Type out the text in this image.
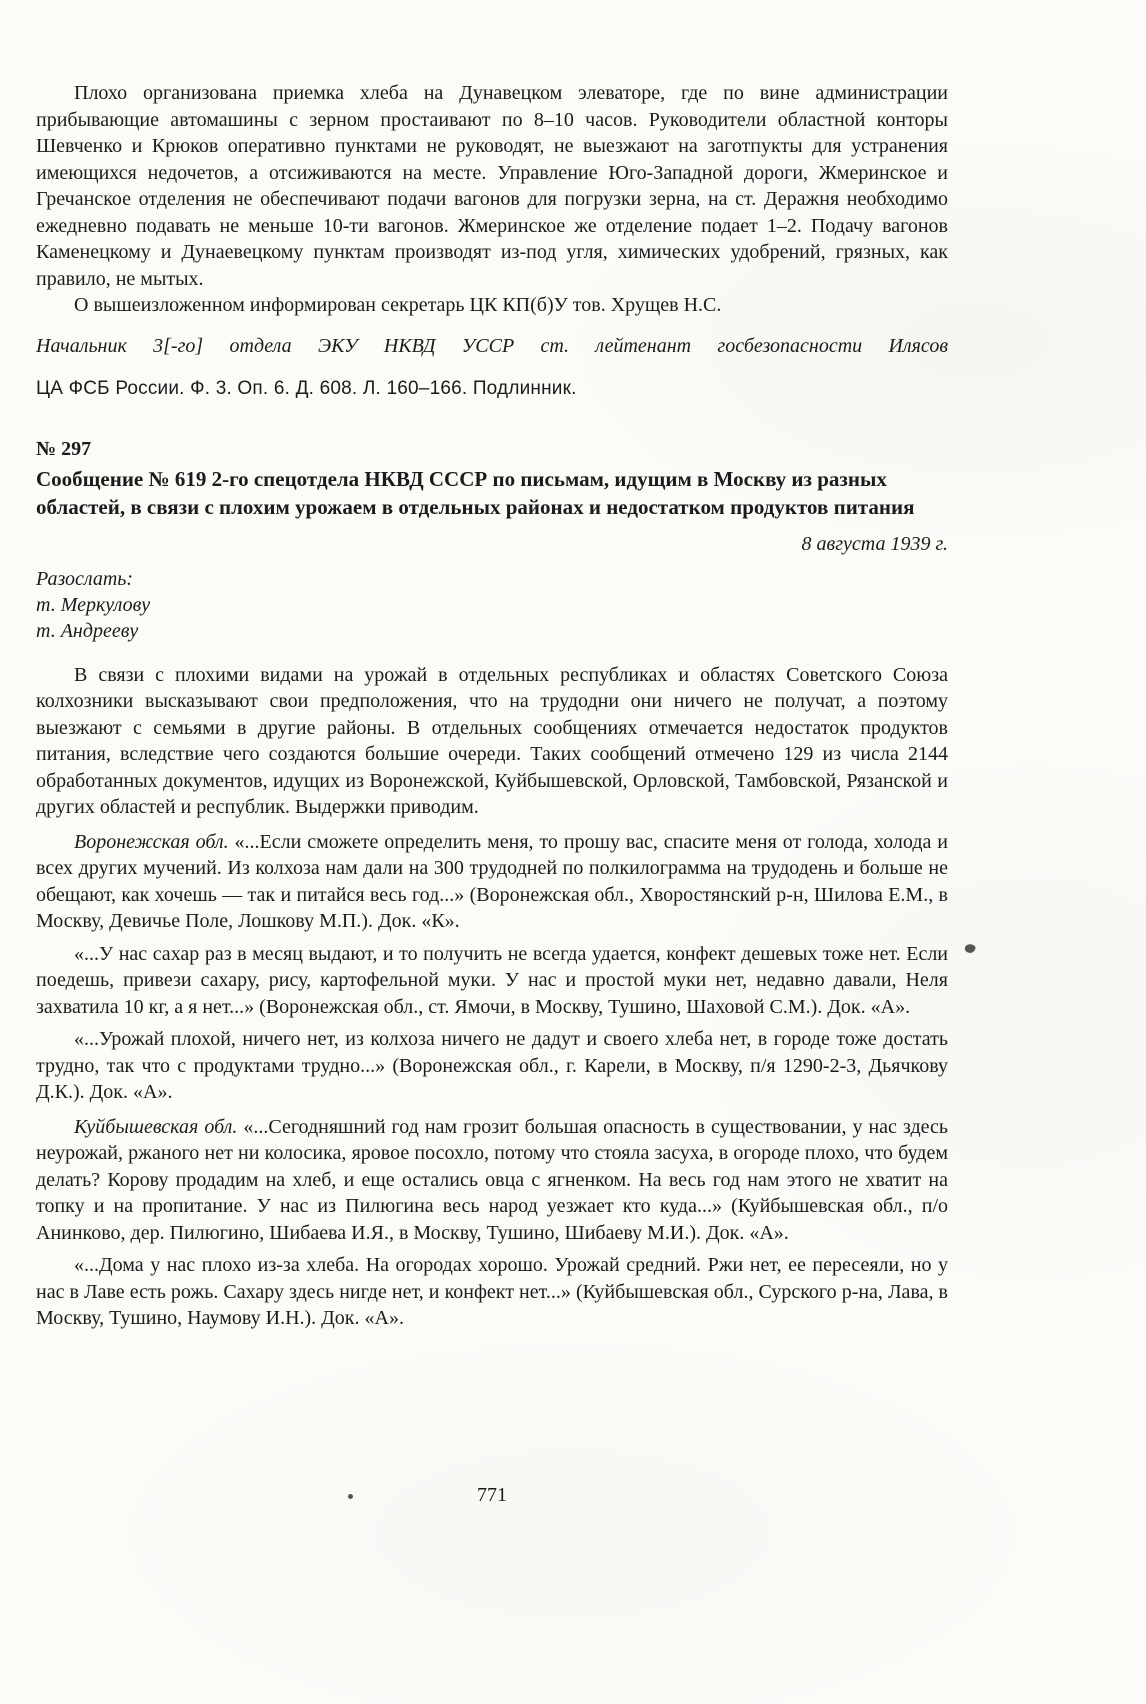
Плохо организована приемка хлеба на Дунавецком элеваторе, где по вине администрации прибывающие автомашины с зерном простаивают по 8–10 часов. Руководители областной конторы Шевченко и Крюков оперативно пунктами не руководят, не выезжают на заготпукты для устранения имеющихся недочетов, а отсиживаются на месте. Управление Юго-Западной дороги, Жмеринское и Гречанское отделения не обеспечивают подачи вагонов для погрузки зерна, на ст. Деражня необходимо ежедневно подавать не меньше 10-ти вагонов. Жмеринское же отделение подает 1–2. Подачу вагонов Каменецкому и Дунаевецкому пунктам производят из-под угля, химических удобрений, грязных, как правило, не мытых.

О вышеизложенном информирован секретарь ЦК КП(б)У тов. Хрущев Н.С.

Начальник 3[-го] отдела ЭКУ НКВД УССР ст. лейтенант госбезопасности Илясов

ЦА ФСБ России. Ф. 3. Оп. 6. Д. 608. Л. 160–166. Подлинник.

№ 297
Сообщение № 619 2-го спецотдела НКВД СССР по письмам, идущим в Москву из разных областей, в связи с плохим урожаем в отдельных районах и недостатком продуктов питания
8 августа 1939 г.
Разослать:
т. Меркулову
т. Андрееву

В связи с плохими видами на урожай в отдельных республиках и областях Советского Союза колхозники высказывают свои предположения, что на трудодни они ничего не получат, а поэтому выезжают с семьями в другие районы. В отдельных сообщениях отмечается недостаток продуктов питания, вследствие чего создаются большие очереди. Таких сообщений отмечено 129 из числа 2144 обработанных документов, идущих из Воронежской, Куйбышевской, Орловской, Тамбовской, Рязанской и других областей и республик. Выдержки приводим.

Воронежская обл. «...Если сможете определить меня, то прошу вас, спасите меня от голода, холода и всех других мучений. Из колхоза нам дали на 300 трудодней по полкилограмма на трудодень и больше не обещают, как хочешь — так и питайся весь год...» (Воронежская обл., Хворостянский р-н, Шилова Е.М., в Москву, Девичье Поле, Лошкову М.П.). Док. «К».

«...У нас сахар раз в месяц выдают, и то получить не всегда удается, конфект дешевых тоже нет. Если поедешь, привези сахару, рису, картофельной муки. У нас и простой муки нет, недавно давали, Неля захватила 10 кг, а я нет...» (Воронежская обл., ст. Ямочи, в Москву, Тушино, Шаховой С.М.). Док. «А».

«...Урожай плохой, ничего нет, из колхоза ничего не дадут и своего хлеба нет, в городе тоже достать трудно, так что с продуктами трудно...» (Воронежская обл., г. Карели, в Москву, п/я 1290-2-3, Дьячкову Д.К.). Док. «А».

Куйбышевская обл. «...Сегодняшний год нам грозит большая опасность в существовании, у нас здесь неурожай, ржаного нет ни колосика, яровое посохло, потому что стояла засуха, в огороде плохо, что будем делать? Корову продадим на хлеб, и еще остались овца с ягненком. На весь год нам этого не хватит на топку и на пропитание. У нас из Пилюгина весь народ уезжает кто куда...» (Куйбышевская обл., п/о Анинково, дер. Пилюгино, Шибаева И.Я., в Москву, Тушино, Шибаеву М.И.). Док. «А».

«...Дома у нас плохо из-за хлеба. На огородах хорошо. Урожай средний. Ржи нет, ее пересеяли, но у нас в Лаве есть рожь. Сахару здесь нигде нет, и конфект нет...» (Куйбышевская обл., Сурского р-на, Лава, в Москву, Тушино, Наумову И.Н.). Док. «А».

771
